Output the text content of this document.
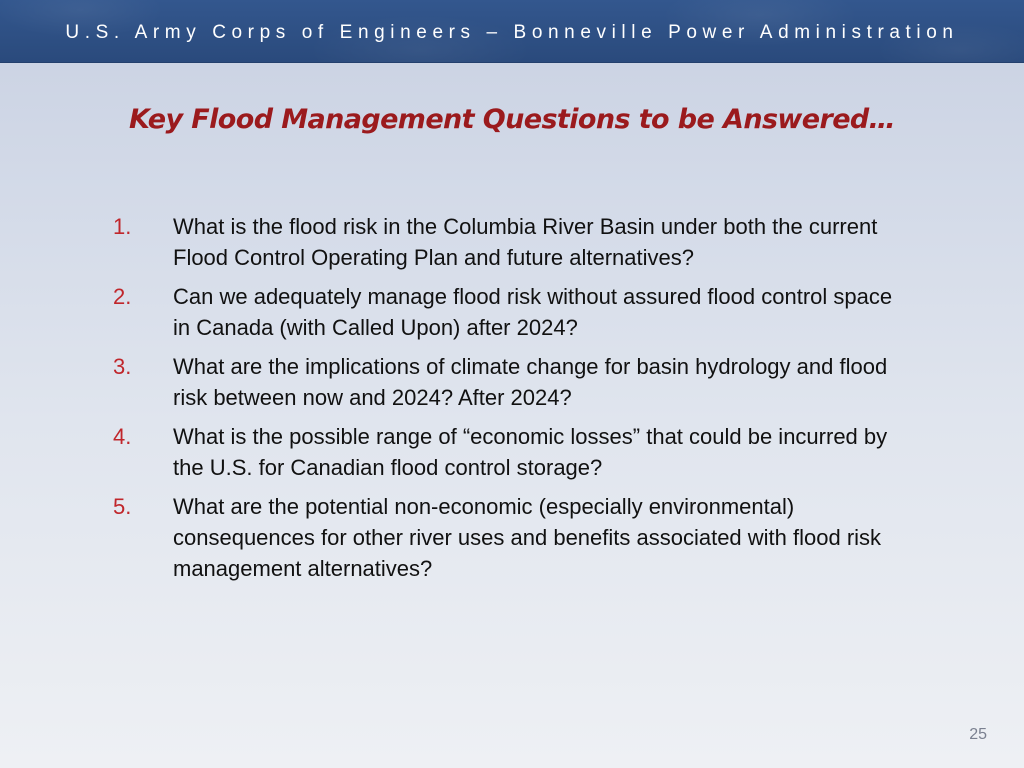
U.S. Army Corps of Engineers – Bonneville Power Administration
Key Flood Management Questions to be Answered…
1. What is the flood risk in the Columbia River Basin under both the current Flood Control Operating Plan and future alternatives?
2. Can we adequately manage flood risk without assured flood control space in Canada (with Called Upon) after 2024?
3. What are the implications of climate change for basin hydrology and flood risk between now and 2024? After 2024?
4. What is the possible range of “economic losses” that could be incurred by the U.S. for Canadian flood control storage?
5. What are the potential non-economic (especially environmental) consequences for other river uses and benefits associated with flood risk management alternatives?
25
